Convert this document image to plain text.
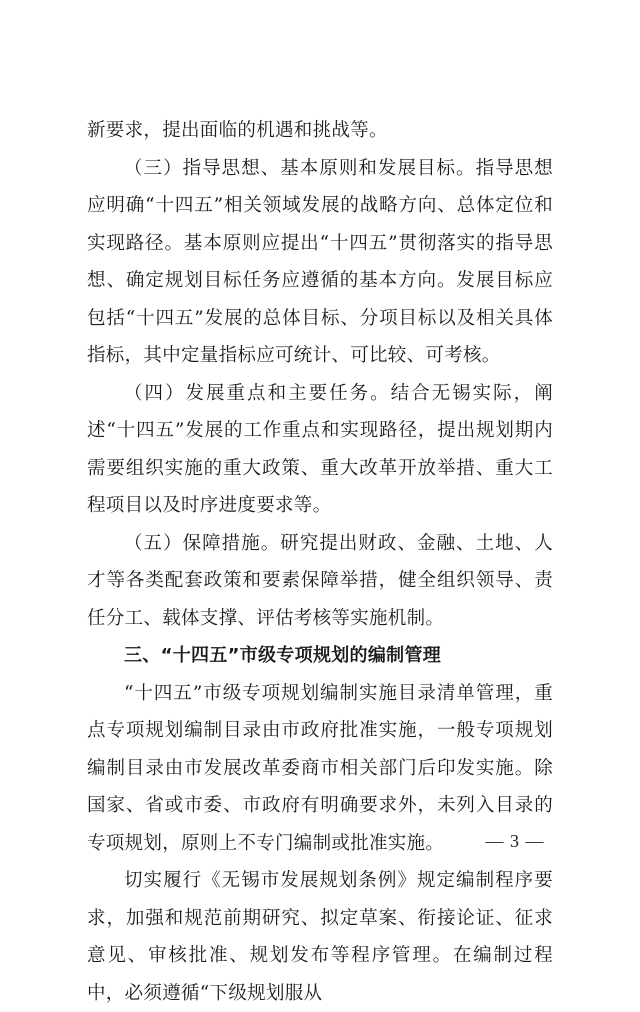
新要求，提出面临的机遇和挑战等。

（三）指导思想、基本原则和发展目标。指导思想应明确“十四五”相关领域发展的战略方向、总体定位和实现路径。基本原则应提出“十四五”贯彻落实的指导思想、确定规划目标任务应遵循的基本方向。发展目标应包括“十四五”发展的总体目标、分项目标以及相关具体指标，其中定量指标应可统计、可比较、可考核。

（四）发展重点和主要任务。结合无锡实际，阐述“十四五”发展的工作重点和实现路径，提出规划期内需要组织实施的重大政策、重大改革开放举措、重大工程项目以及时序进度要求等。

（五）保障措施。研究提出财政、金融、土地、人才等各类配套政策和要素保障举措，健全组织领导、责任分工、载体支撑、评估考核等实施机制。

三、“十四五”市级专项规划的编制管理

“十四五”市级专项规划编制实施目录清单管理，重点专项规划编制目录由市政府批准实施，一般专项规划编制目录由市发展改革委商市相关部门后印发实施。除国家、省或市委、市政府有明确要求外，未列入目录的专项规划，原则上不专门编制或批准实施。

切实履行《无锡市发展规划条例》规定编制程序要求，加强和规范前期研究、拟定草案、衔接论证、征求意见、审核批准、规划发布等程序管理。在编制过程中，必须遵循“下级规划服从

— 3 —
